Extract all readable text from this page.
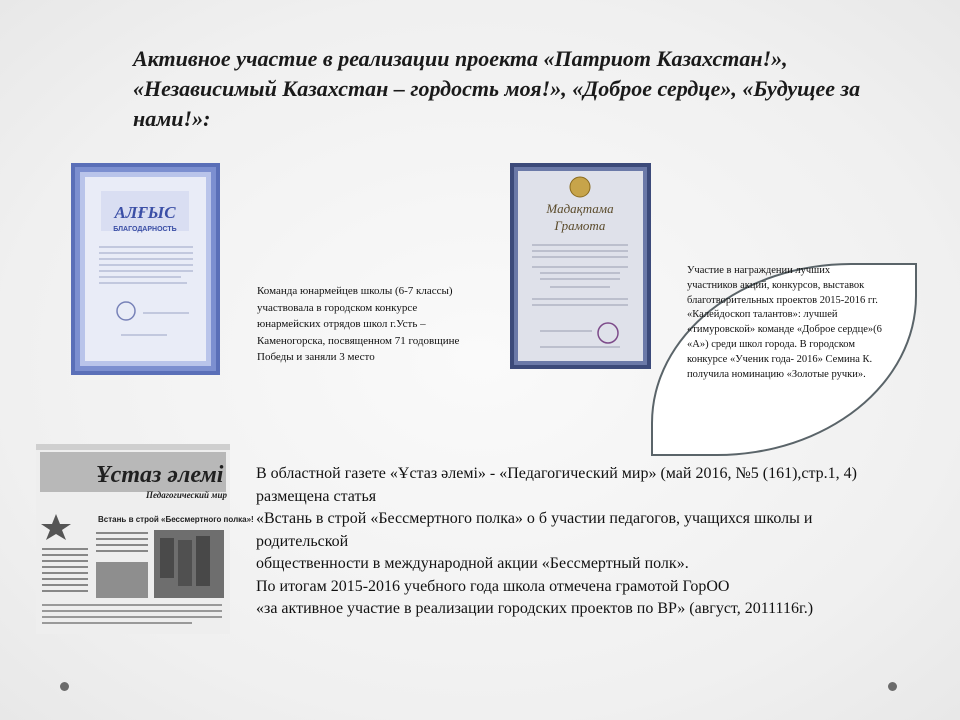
Активное участие в реализации проекта «Патриот Казахстан!», «Независимый Казахстан – гордость моя!», «Доброе сердце», «Будущее за нами!»:
АЛҒЫС
БЛАГОДАРНОСТЬ
Команда юнармейцев школы (6-7 классы) участвовала в городском конкурсе юнармейских отрядов школ г.Усть –Каменогорска, посвященном 71 годовщине Победы и заняли 3 место
Мадақтама
Грамота
Участие в награждении лучших участников акций, конкурсов, выставок благотворительных проектов 2015-2016 гг. «Калейдоскоп талантов»: лучшей «тимуровской» команде «Доброе сердце»(6 «А») среди школ города. В городском конкурсе «Ученик года- 2016» Семина К. получила номинацию «Золотые ручки».
Ұстаз әлемі
Педагогический мир
Встань в строй «Бессмертного полка»!
В областной газете «Ұстаз әлемі» - «Педагогический мир» (май 2016, №5 (161),стр.1, 4) размещена статья
«Встань в строй «Бессмертного полка» о б участии педагогов, учащихся школы и родительской
общественности в международной акции «Бессмертный полк».
По итогам 2015-2016 учебного года школа отмечена грамотой ГорОО
«за активное участие в реализации городских проектов по ВР» (август, 2011116г.)
